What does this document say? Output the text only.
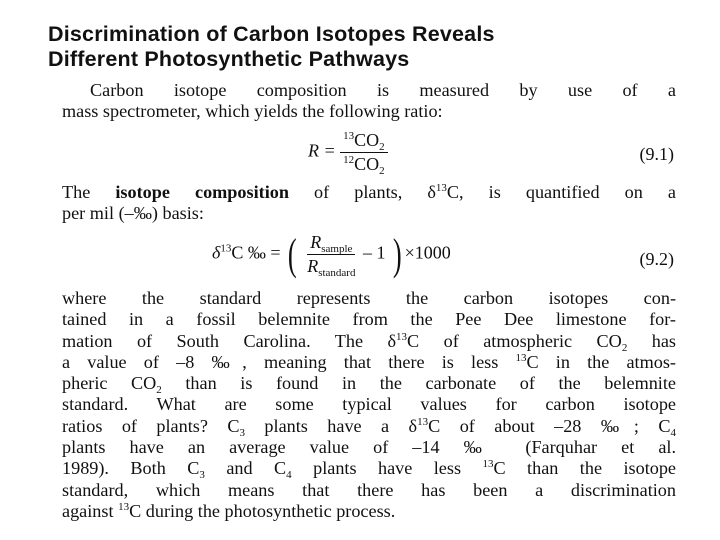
Discrimination of Carbon Isotopes Reveals
Different Photosynthetic Pathways
Carbon isotope composition is measured by use of a
mass spectrometer, which yields the following ratio:
$R = \frac{^{13}CO_2}{^{12}CO_2}$	(9.1)
The isotope composition of plants, $\delta^{13}C$, is quantified on a
per mil (–‰) basis:
$\delta^{13}C$ ‰ = ( $\frac{R_{sample}}{R_{standard}} - 1$ ) ×1000	(9.2)
where the standard represents the carbon isotopes con-
tained in a fossil belemnite from the Pee Dee limestone for-
mation of South Carolina. The $\delta^{13}C$ of atmospheric $CO_2$ has
a value of –8 ‰, meaning that there is less $^{13}$C in the atmos-
pheric $CO_2$ than is found in the carbonate of the belemnite
standard. What are some typical values for carbon isotope
ratios of plants? $C_3$ plants have a $\delta^{13}C$ of about –28 ‰; $C_4$
plants have an average value of –14 ‰ (Farquhar et al.
1989). Both $C_3$ and $C_4$ plants have less $^{13}$C than the isotope
standard, which means that there has been a discrimination
against $^{13}$C during the photosynthetic process.
